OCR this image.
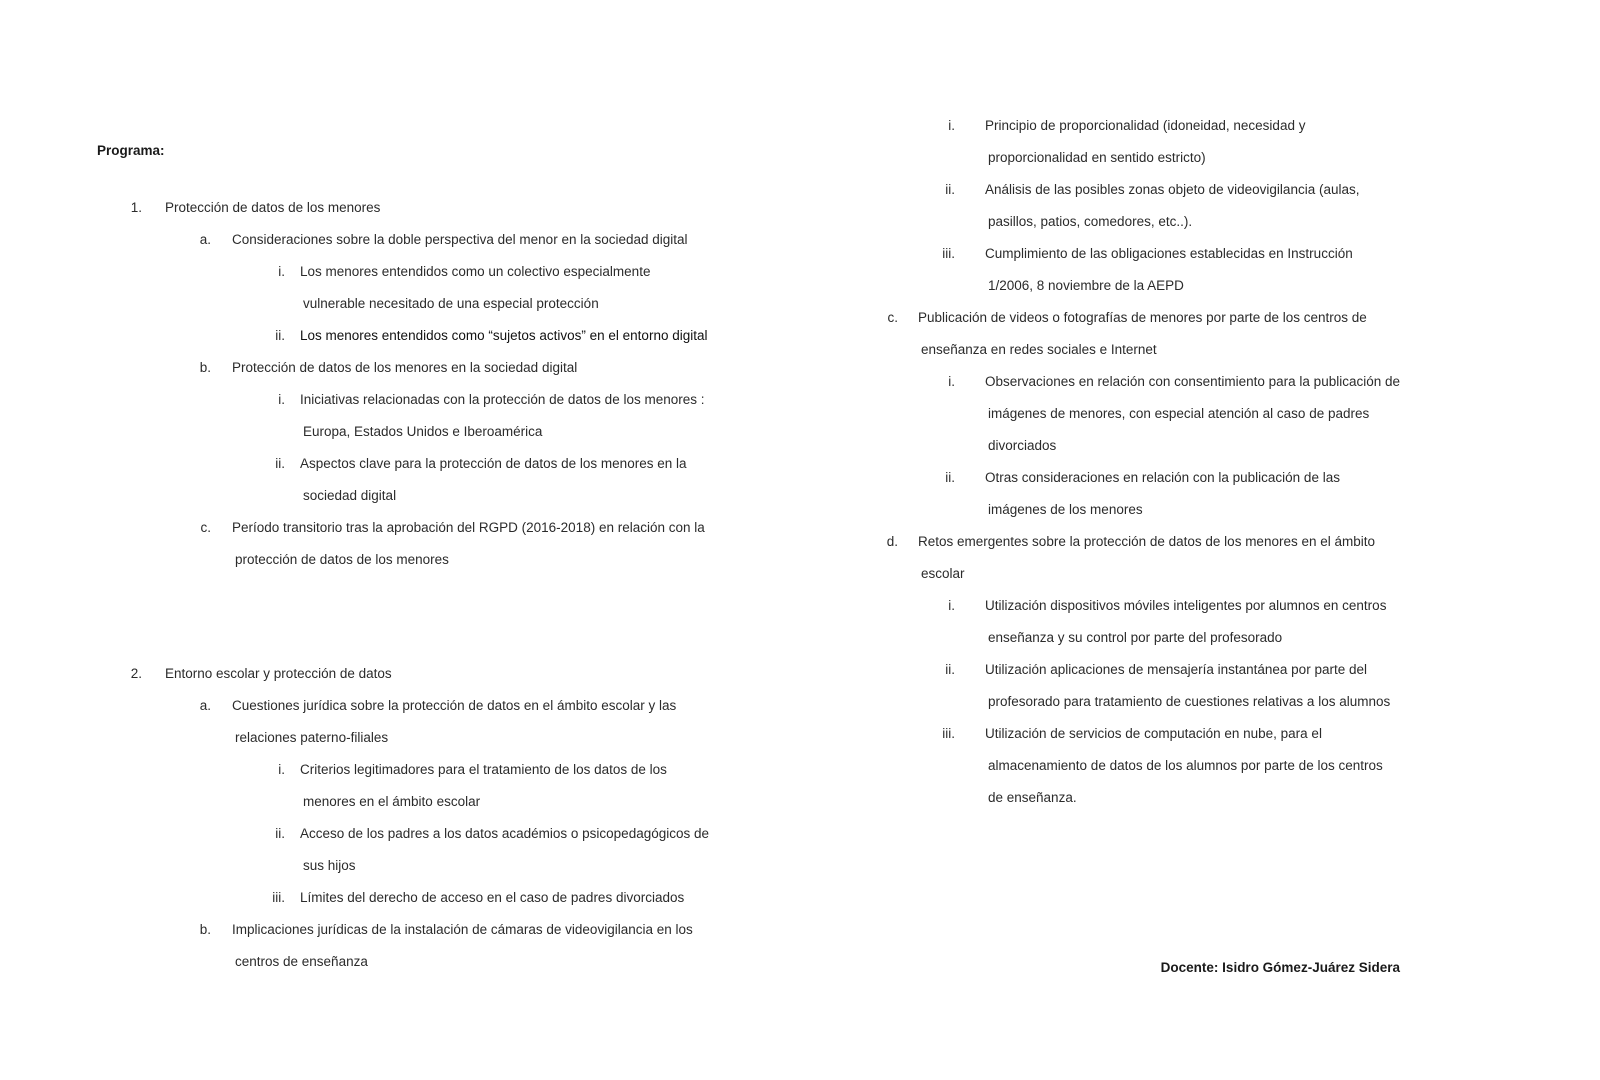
Programa:
1. Protección de datos de los menores
a. Consideraciones sobre la doble perspectiva del menor en la sociedad digital
i. Los menores entendidos como un colectivo especialmente
vulnerable necesitado de una especial protección
ii. Los menores entendidos como “sujetos activos” en el entorno digital
b. Protección de datos de los menores en la sociedad digital
i. Iniciativas relacionadas con la protección de datos de los menores :
Europa, Estados Unidos e Iberoamérica
ii. Aspectos clave para la protección de datos de los menores en la
sociedad digital
c. Período transitorio tras la aprobación del RGPD (2016-2018) en relación con la
protección de datos de los menores
2. Entorno escolar y protección de datos
a. Cuestiones jurídica sobre la protección de datos en el ámbito escolar y las
relaciones paterno-filiales
i. Criterios legitimadores para el tratamiento de los datos de los
menores en el ámbito escolar
ii. Acceso de los padres a los datos académios o psicopedagógicos de
sus hijos
iii. Límites del derecho de acceso en el caso de padres divorciados
b. Implicaciones jurídicas de la instalación de cámaras de videovigilancia en los
centros de enseñanza
i. Principio de proporcionalidad (idoneidad, necesidad y
proporcionalidad en sentido estricto)
ii. Análisis de las posibles zonas objeto de videovigilancia (aulas,
pasillos, patios, comedores, etc..).
iii. Cumplimiento de las obligaciones establecidas en Instrucción
1/2006, 8 noviembre de la AEPD
c. Publicación de videos o fotografías de menores por parte de los centros de
enseñanza en redes sociales e Internet
i. Observaciones en relación con consentimiento para la publicación de
imágenes de menores, con especial atención al caso de padres
divorciados
ii. Otras consideraciones en relación con la publicación de las
imágenes de los menores
d. Retos emergentes sobre la protección de datos de los menores en el ámbito
escolar
i. Utilización dispositivos móviles inteligentes por alumnos en centros
enseñanza y su control por parte del profesorado
ii. Utilización aplicaciones de mensajería instantánea por parte del
profesorado para tratamiento de cuestiones relativas a los alumnos
iii. Utilización de servicios de computación en nube, para el
almacenamiento de datos de los alumnos por parte de los centros
de enseñanza.
Docente: Isidro Gómez-Juárez Sidera
